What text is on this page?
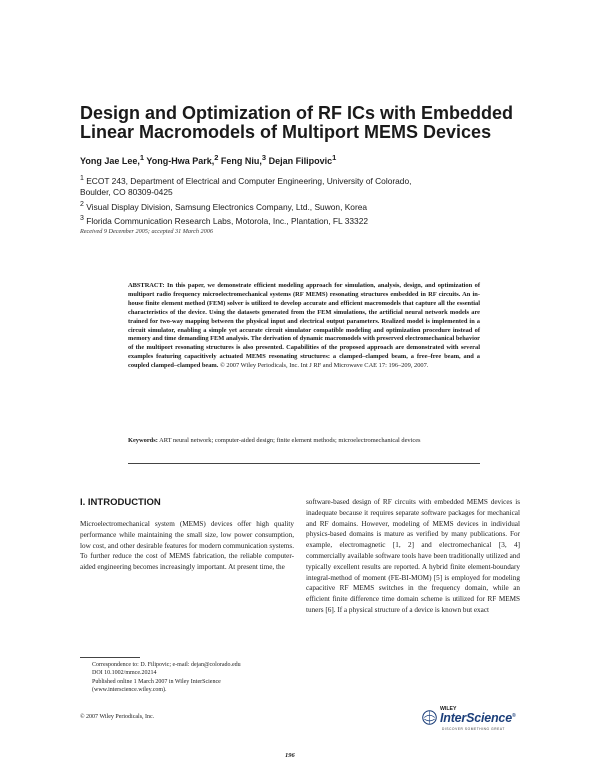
Design and Optimization of RF ICs with Embedded Linear Macromodels of Multiport MEMS Devices
Yong Jae Lee,$^1$ Yong-Hwa Park,$^2$ Feng Niu,$^3$ Dejan Filipovic$^1$
$^1$ ECOT 243, Department of Electrical and Computer Engineering, University of Colorado,
Boulder, CO 80309-0425
$^2$ Visual Display Division, Samsung Electronics Company, Ltd., Suwon, Korea
$^3$ Florida Communication Research Labs, Motorola, Inc., Plantation, FL 33322
Received 9 December 2005; accepted 31 March 2006
ABSTRACT: In this paper, we demonstrate efficient modeling approach for simulation, analysis, design, and optimization of multiport radio frequency microelectromechanical systems (RF MEMS) resonating structures embedded in RF circuits. An in-house finite element method (FEM) solver is utilized to develop accurate and efficient macromodels that capture all the essential characteristics of the device. Using the datasets generated from the FEM simulations, the artificial neural network models are trained for two-way mapping between the physical input and electrical output parameters. Realized model is implemented in a circuit simulator, enabling a simple yet accurate circuit simulator compatible modeling and optimization procedure instead of memory and time demanding FEM analysis. The derivation of dynamic macromodels with preserved electromechanical behavior of the multiport resonating structures is also presented. Capabilities of the proposed approach are demonstrated with several examples featuring capacitively actuated MEMS resonating structures: a clamped–clamped beam, a free–free beam, and a coupled clamped–clamped beam. © 2007 Wiley Periodicals, Inc. Int J RF and Microwave CAE 17: 196–209, 2007.
Keywords: ART neural network; computer-aided design; finite element methods; microelectromechanical devices
I. INTRODUCTION
Microelectromechanical system (MEMS) devices offer high quality performance while maintaining the small size, low power consumption, low cost, and other desirable features for modern communication systems. To further reduce the cost of MEMS fabrication, the reliable computer-aided engineering becomes increasingly important. At present time, the
Correspondence to: D. Filipovic; e-mail: dejan@colorado.edu
DOI 10.1002/mmce.20214
Published online 1 March 2007 in Wiley InterScience (www.interscience.wiley.com).
© 2007 Wiley Periodicals, Inc.
software-based design of RF circuits with embedded MEMS devices is inadequate because it requires separate software packages for mechanical and RF domains. However, modeling of MEMS devices in individual physics-based domains is mature as verified by many publications. For example, electromagnetic [1, 2] and electromechanical [3, 4] commercially available software tools have been traditionally utilized and typically excellent results are reported. A hybrid finite element-boundary integral-method of moment (FE-BI-MOM) [5] is employed for modeling capacitive RF MEMS switches in the frequency domain, while an efficient finite difference time domain scheme is utilized for RF MEMS tuners [6]. If a physical structure of a device is known but exact
WILEY
InterScience®
DISCOVER SOMETHING GREAT
196
